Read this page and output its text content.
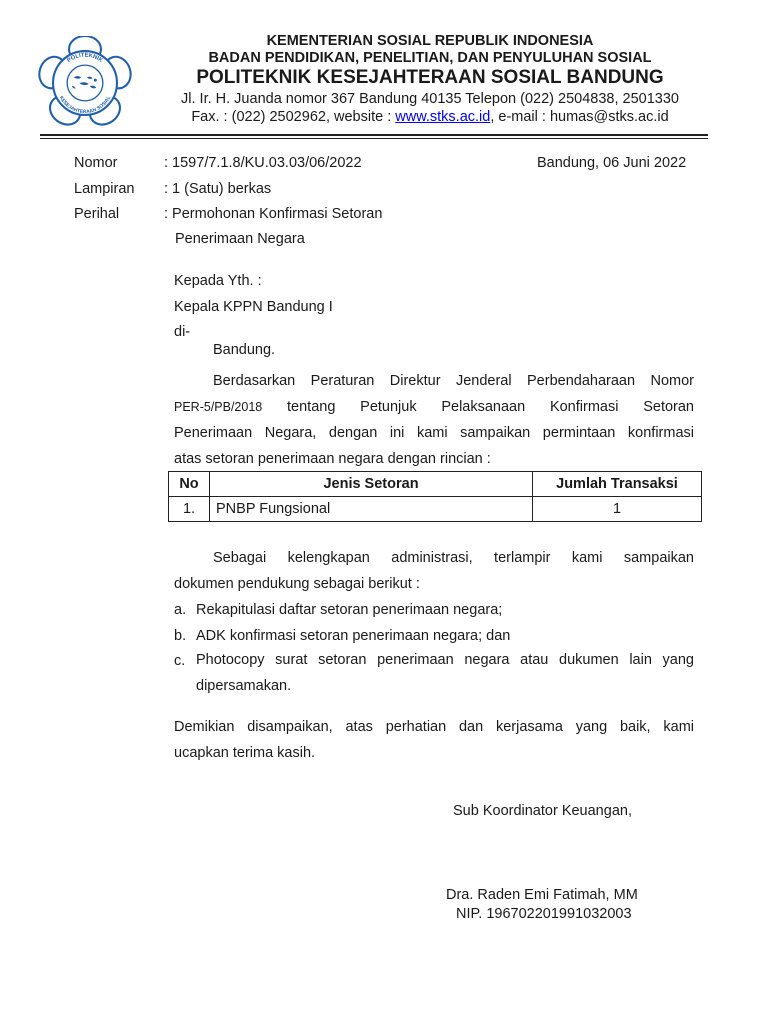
POLITEKNIK
KESEJAHTERAAN SOSIAL
KEMENTERIAN SOSIAL REPUBLIK INDONESIA
BADAN PENDIDIKAN, PENELITIAN, DAN PENYULUHAN SOSIAL
POLITEKNIK KESEJAHTERAAN SOSIAL BANDUNG
Jl. Ir. H. Juanda nomor 367 Bandung 40135 Telepon (022) 2504838, 2501330
Fax. : (022) 2502962, website : www.stks.ac.id, e-mail : humas@stks.ac.id
Nomor	: 1597/7.1.8/KU.03.03/06/2022	Bandung, 06 Juni 2022
Lampiran : 1 (Satu) berkas
Perihal	: Permohonan Konfirmasi Setoran
Penerimaan Negara
Kepada Yth. :
Kepala KPPN Bandung I
di-
Bandung.
Berdasarkan Peraturan Direktur Jenderal Perbendaharaan Nomor
PER-5/PB/2018 tentang Petunjuk Pelaksanaan Konfirmasi Setoran
Penerimaan Negara, dengan ini kami sampaikan permintaan konfirmasi
atas setoran penerimaan negara dengan rincian :
No	Jenis Setoran	Jumlah Transaksi
1.	PNBP Fungsional	1
Sebagai kelengkapan administrasi, terlampir kami sampaikan
dokumen pendukung sebagai berikut :
a. Rekapitulasi daftar setoran penerimaan negara;
b. ADK konfirmasi setoran penerimaan negara; dan
c. Photocopy surat setoran penerimaan negara atau dukumen lain yang
dipersamakan.
Demikian disampaikan, atas perhatian dan kerjasama yang baik, kami
ucapkan terima kasih.
Sub Koordinator Keuangan,
Dra. Raden Emi Fatimah, MM
NIP. 196702201991032003
